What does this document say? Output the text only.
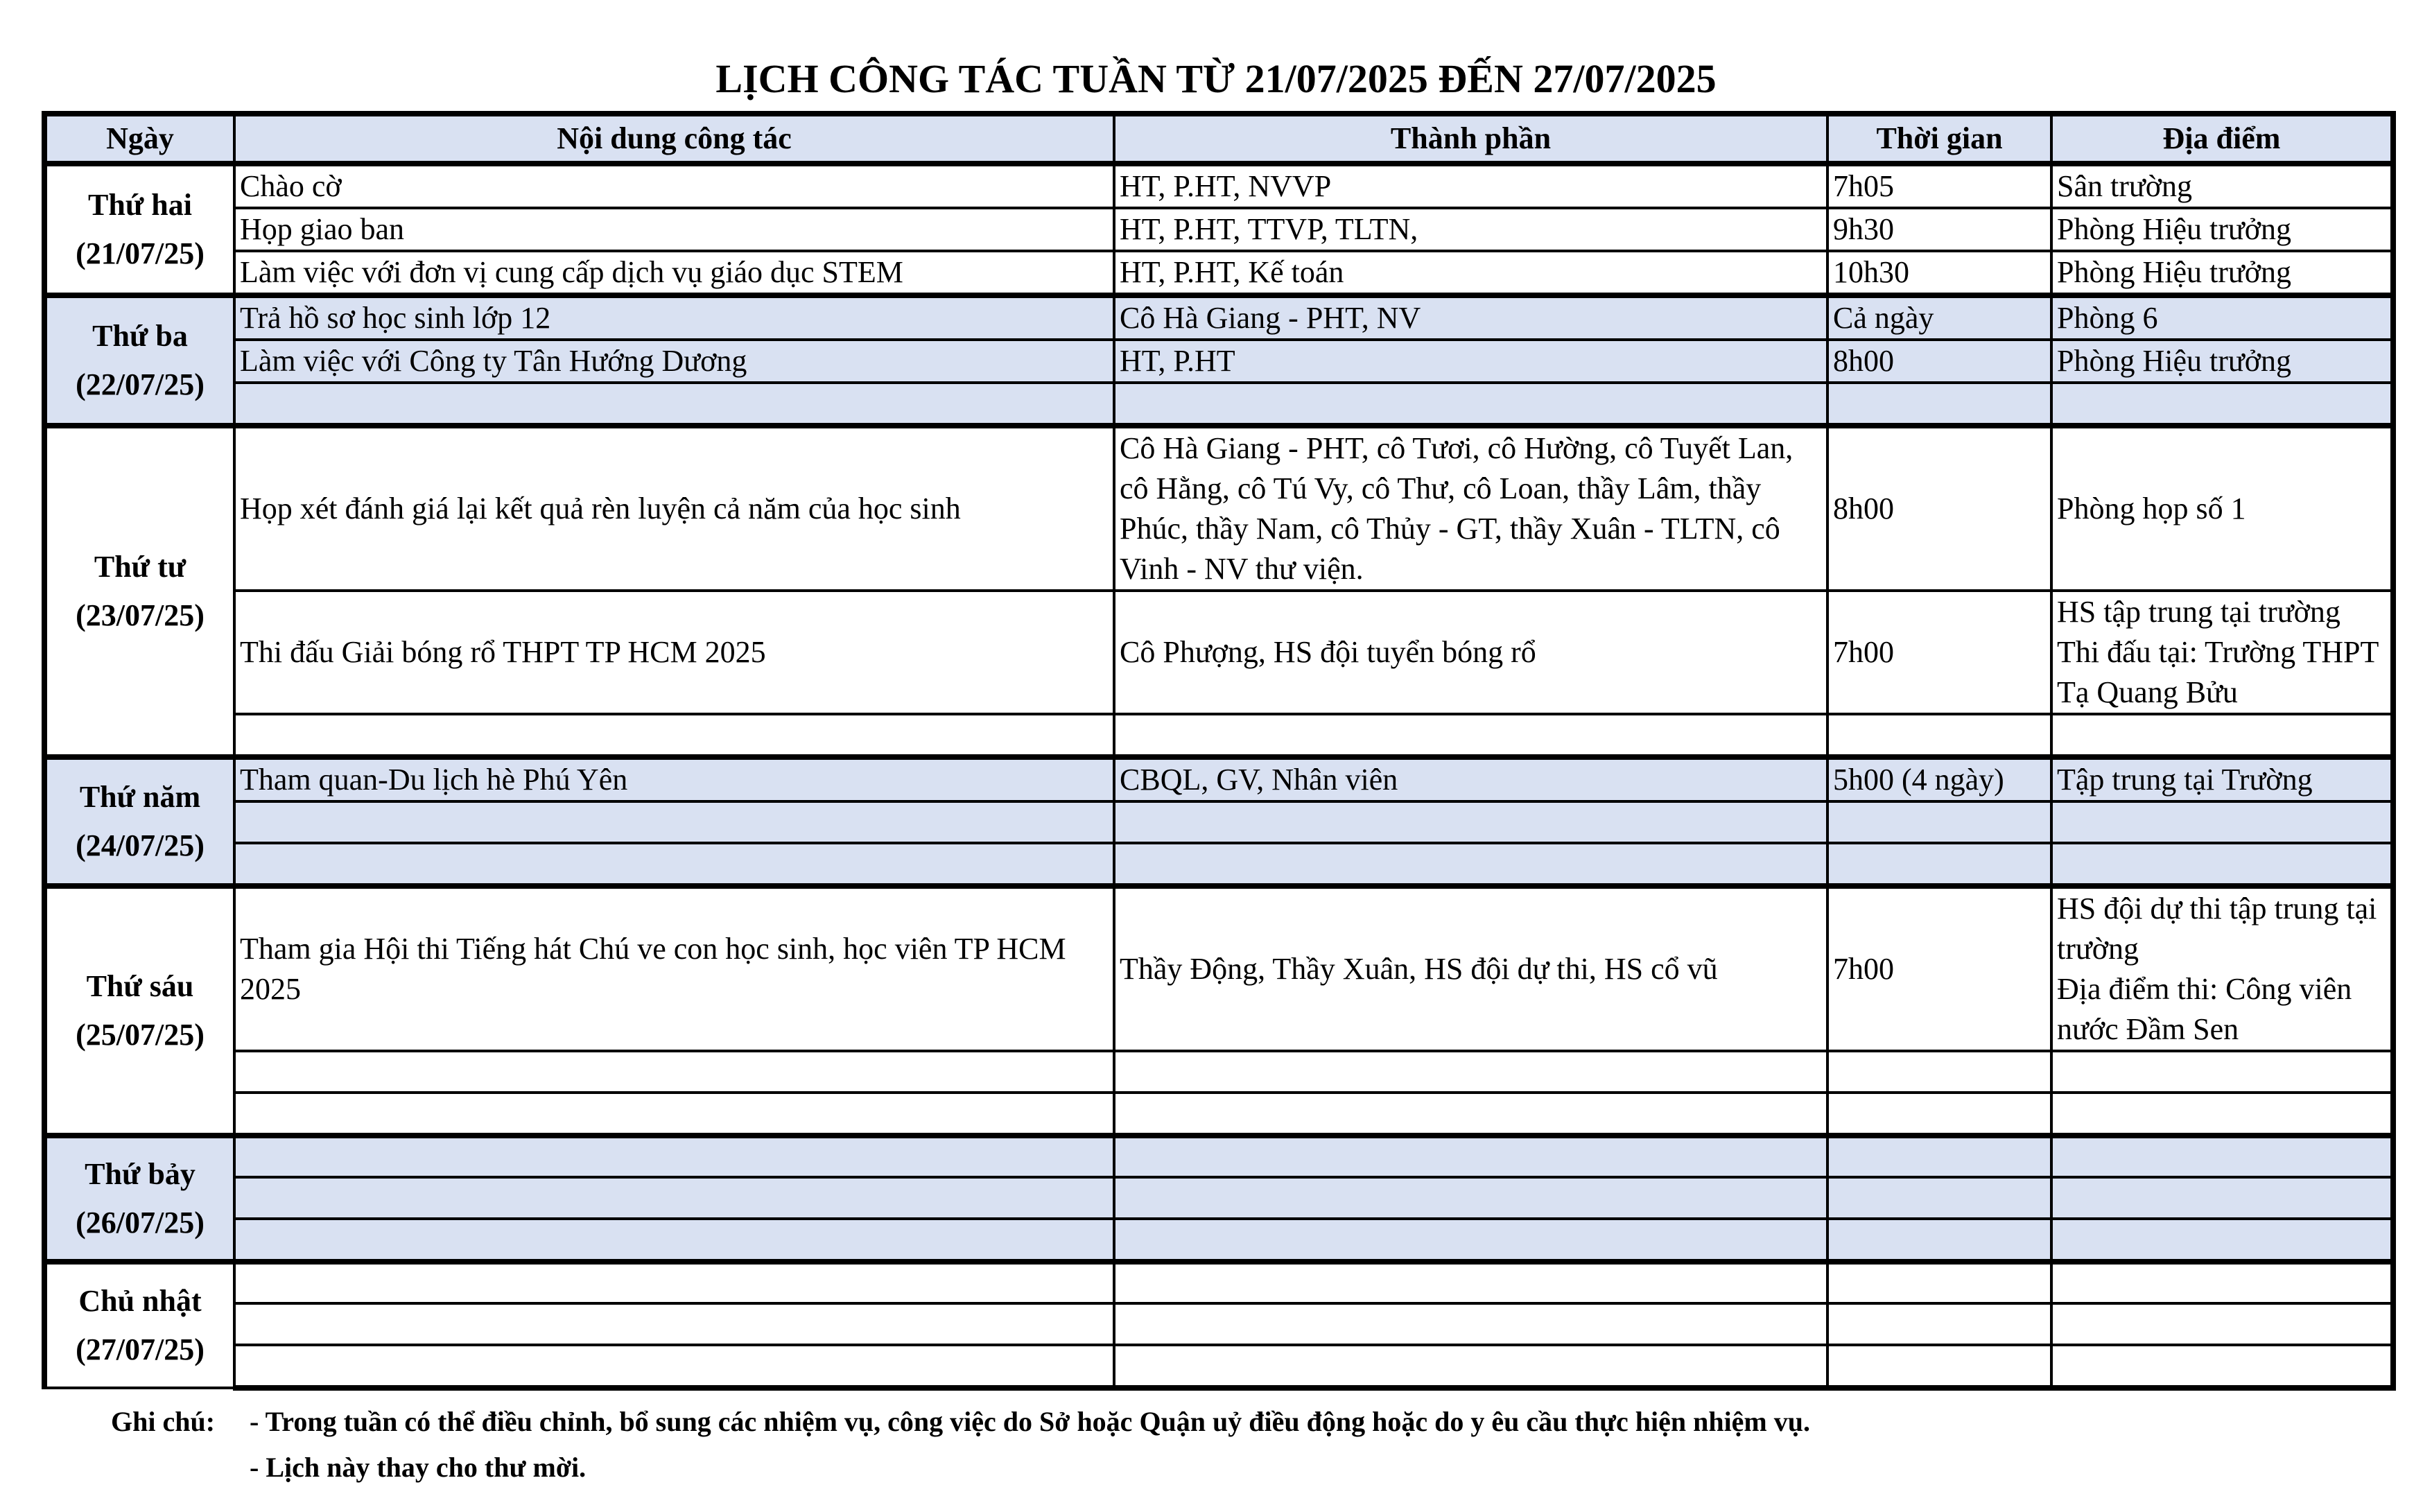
LỊCH CÔNG TÁC TUẦN TỪ 21/07/2025 ĐẾN 27/07/2025
Ngày	Nội dung công tác	Thành phần	Thời gian	Địa điểm

Thứ hai
(21/07/25)	Chào cờ	HT, P.HT, NVVP	7h05	Sân trường
	Họp giao ban	HT, P.HT, TTVP, TLTN,	9h30	Phòng Hiệu trưởng
	Làm việc với đơn vị cung cấp dịch vụ giáo dục STEM	HT, P.HT, Kế toán	10h30	Phòng Hiệu trưởng

Thứ ba
(22/07/25)	Trả hồ sơ học sinh lớp 12	Cô Hà Giang - PHT, NV	Cả ngày	Phòng 6
	Làm việc với Công ty Tân Hướng Dương	HT, P.HT	8h00	Phòng Hiệu trưởng

Thứ tư
(23/07/25)	Họp xét đánh giá lại kết quả rèn luyện cả năm của học sinh	Cô Hà Giang - PHT, cô Tươi, cô Hường, cô Tuyết Lan, cô Hằng, cô Tú Vy, cô Thư, cô Loan, thầy Lâm, thầy Phúc, thầy Nam, cô Thủy - GT, thầy Xuân - TLTN, cô Vinh - NV thư viện.	8h00	Phòng họp số 1
	Thi đấu Giải bóng rổ THPT TP HCM 2025	Cô Phượng, HS đội tuyển bóng rổ	7h00	HS tập trung tại trường Thi đấu tại: Trường THPT Tạ Quang Bửu

Thứ năm
(24/07/25)	Tham quan-Du lịch hè Phú Yên	CBQL, GV, Nhân viên	5h00 (4 ngày)	Tập trung tại Trường

Thứ sáu
(25/07/25)	Tham gia Hội thi Tiếng hát Chú ve con học sinh, học viên TP HCM 2025	Thầy Động, Thầy Xuân, HS đội dự thi, HS cổ vũ	7h00	HS đội dự thi tập trung tại trường
Địa điểm thi: Công viên nước Đầm Sen

Thứ bảy
(26/07/25)				

Chủ nhật
(27/07/25)				

Ghi chú:	- Trong tuần có thể điều chỉnh, bổ sung các nhiệm vụ, công việc do Sở hoặc Quận uỷ điều động hoặc do y êu cầu thực hiện nhiệm vụ.
- Lịch này thay cho thư mời.
